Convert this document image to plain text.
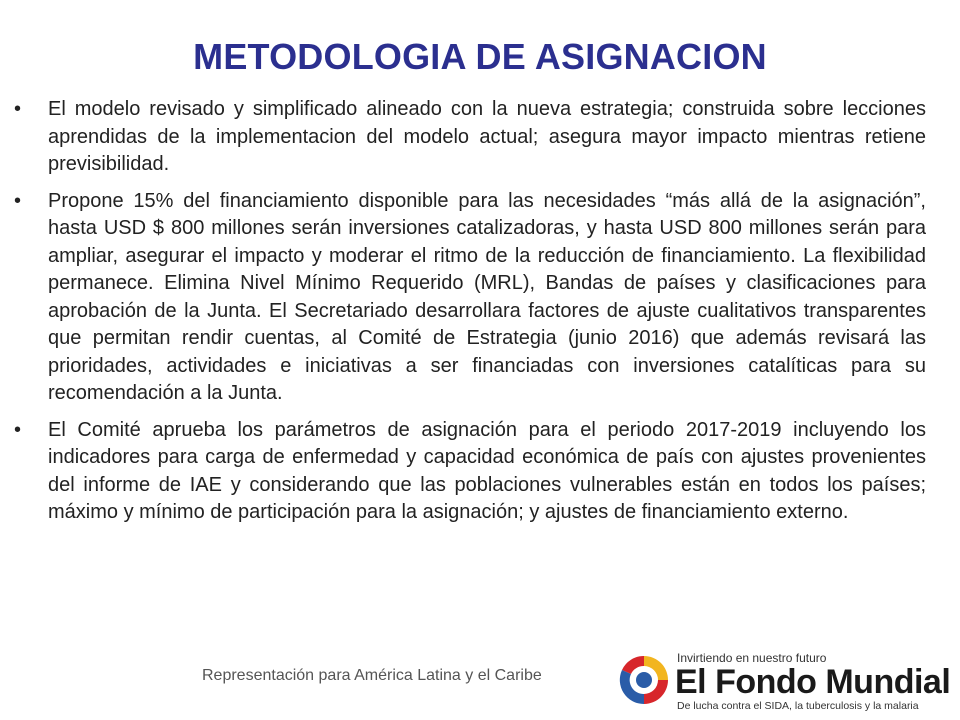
METODOLOGIA DE ASIGNACION
•	El modelo revisado y simplificado alineado con la nueva estrategia; construida sobre lecciones aprendidas de la implementacion del modelo actual; asegura mayor impacto mientras retiene previsibilidad.
•	Propone 15% del financiamiento disponible para las necesidades “más allá de la asignación”, hasta USD $ 800 millones serán inversiones catalizadoras, y hasta USD 800 millones serán para ampliar, asegurar el impacto y moderar el ritmo de la reducción de financiamiento. La flexibilidad permanece. Elimina Nivel Mínimo Requerido (MRL), Bandas de países y clasificaciones para aprobación de la Junta. El Secretariado desarrollara factores de ajuste cualitativos transparentes que permitan rendir cuentas, al Comité de Estrategia (junio 2016) que además revisará las prioridades, actividades e iniciativas a ser financiadas con inversiones catalíticas para su recomendación a la Junta.
•	El Comité aprueba los parámetros de asignación para el periodo 2017-2019 incluyendo los indicadores para carga de enfermedad y capacidad económica de país con ajustes provenientes del informe de IAE y considerando que las poblaciones vulnerables están en todos los países; máximo y mínimo de participación para la asignación; y ajustes de financiamiento externo.
Representación para América Latina y el Caribe
Invirtiendo en nuestro futuro
El Fondo Mundial
De lucha contra el SIDA, la tuberculosis y la malaria
